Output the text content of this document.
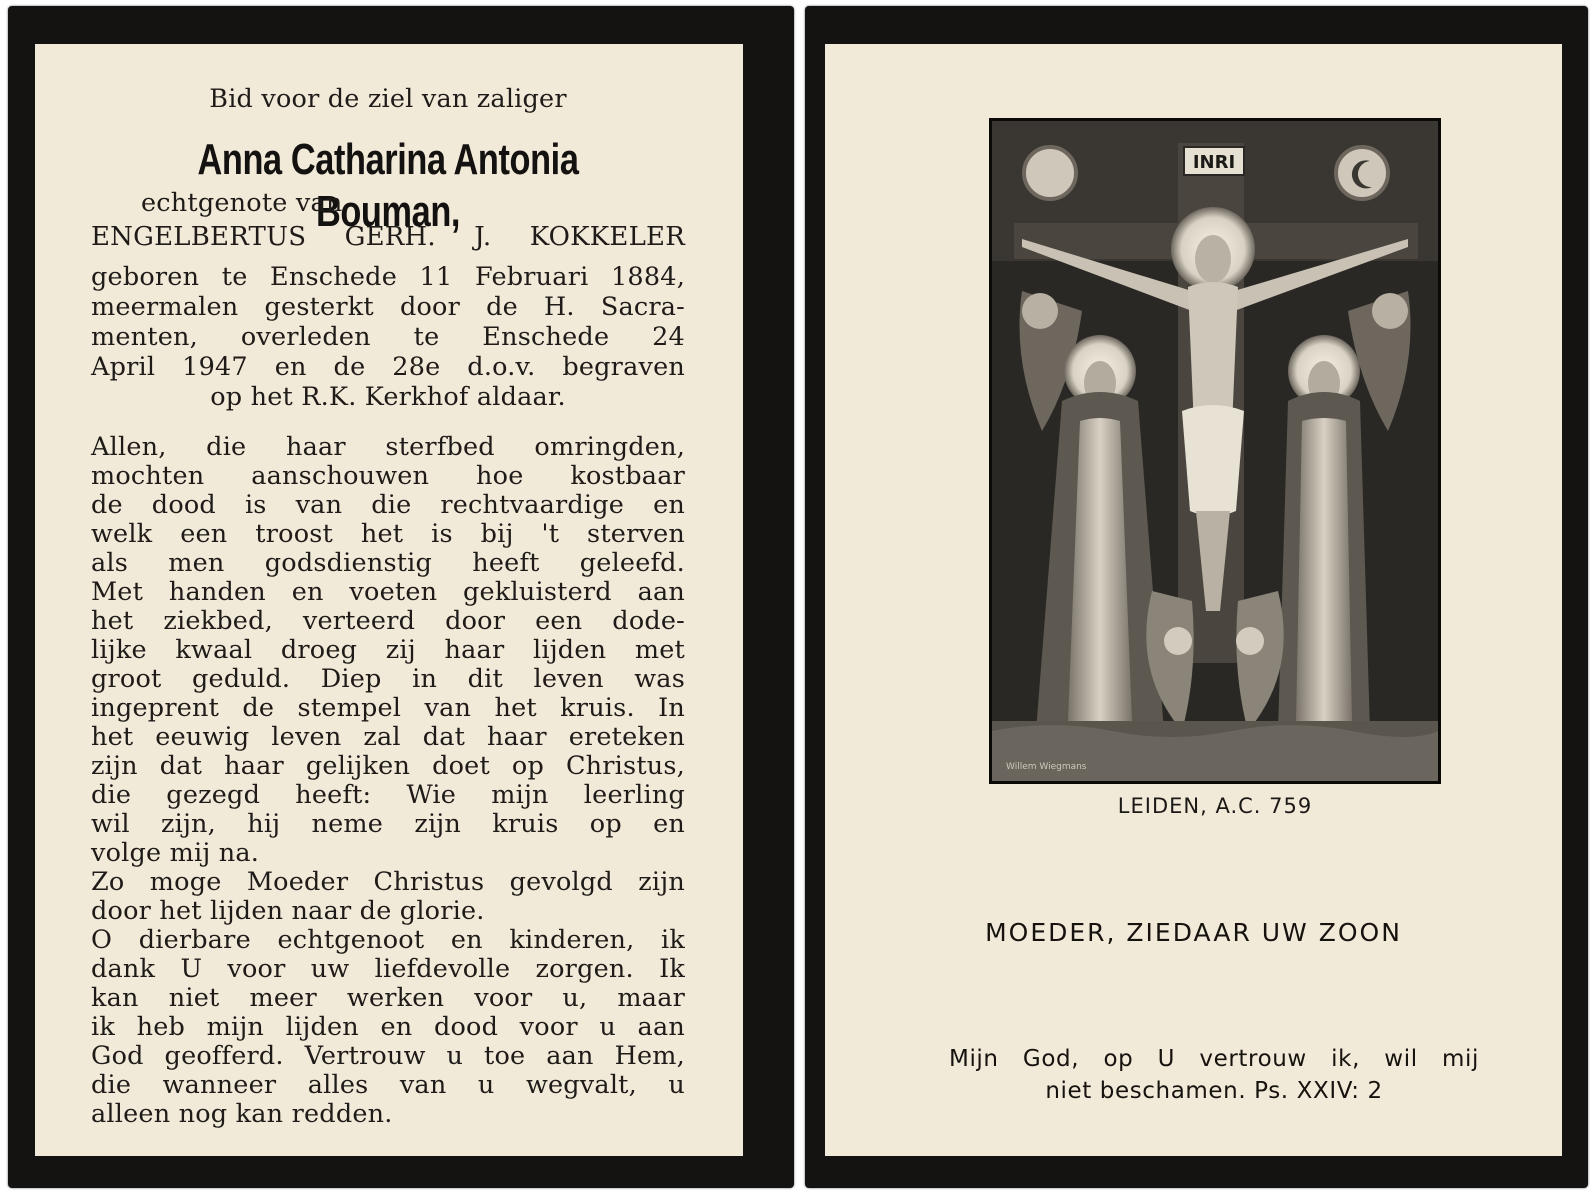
Bid voor de ziel van zaliger
Anna Catharina Antonia Bouman,
echtgenote van
ENGELBERTUS GERH. J. KOKKELER
geboren te Enschede 11 Februari 1884,
meermalen gesterkt door de H. Sacra-
menten, overleden te Enschede 24
April 1947 en de 28e d.o.v. begraven
op het R.K. Kerkhof aldaar.
Allen, die haar sterfbed omringden,
mochten aanschouwen hoe kostbaar
de dood is van die rechtvaardige en
welk een troost het is bij 't sterven
als men godsdienstig heeft geleefd.
Met handen en voeten gekluisterd aan
het ziekbed, verteerd door een dode-
lijke kwaal droeg zij haar lijden met
groot geduld. Diep in dit leven was
ingeprent de stempel van het kruis. In
het eeuwig leven zal dat haar ereteken
zijn dat haar gelijken doet op Christus,
die gezegd heeft: Wie mijn leerling
wil zijn, hij neme zijn kruis op en
volge mij na.
Zo moge Moeder Christus gevolgd zijn
door het lijden naar de glorie.
O dierbare echtgenoot en kinderen, ik
dank U voor uw liefdevolle zorgen. Ik
kan niet meer werken voor u, maar
ik heb mijn lijden en dood voor u aan
God geofferd. Vertrouw u toe aan Hem,
die wanneer alles van u wegvalt, u
alleen nog kan redden.
INRI
Willem Wiegmans
LEIDEN, A.C. 759
MOEDER, ZIEDAAR UW ZOON
Mijn God, op U vertrouw ik, wil mij
niet beschamen. Ps. XXIV: 2
